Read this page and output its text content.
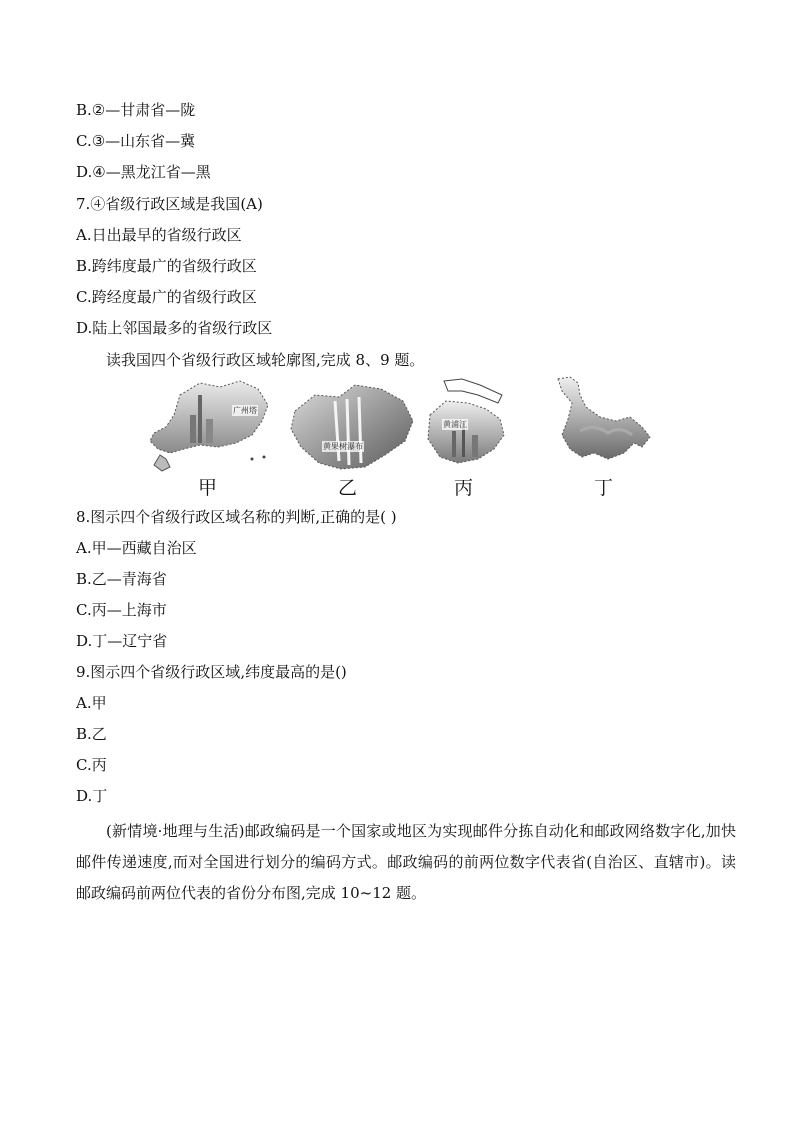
B.②—甘肃省—陇
C.③—山东省—冀
D.④—黑龙江省—黑
7.④省级行政区域是我国(A)
A.日出最早的省级行政区
B.跨纬度最广的省级行政区
C.跨经度最广的省级行政区
D.陆上邻国最多的省级行政区
读我国四个省级行政区域轮廓图,完成 8、9 题。
广州塔
黄果树瀑布
黄浦江
甲	乙	丙	丁
8.图示四个省级行政区域名称的判断,正确的是( )
A.甲—西藏自治区
B.乙—青海省
C.丙—上海市
D.丁—辽宁省
9.图示四个省级行政区域,纬度最高的是()
A.甲
B.乙
C.丙
D.丁
(新情境·地理与生活)邮政编码是一个国家或地区为实现邮件分拣自动化和邮政网络数字化,加快邮件传递速度,而对全国进行划分的编码方式。邮政编码的前两位数字代表省(自治区、直辖市)。读邮政编码前两位代表的省份分布图,完成 10~12 题。
